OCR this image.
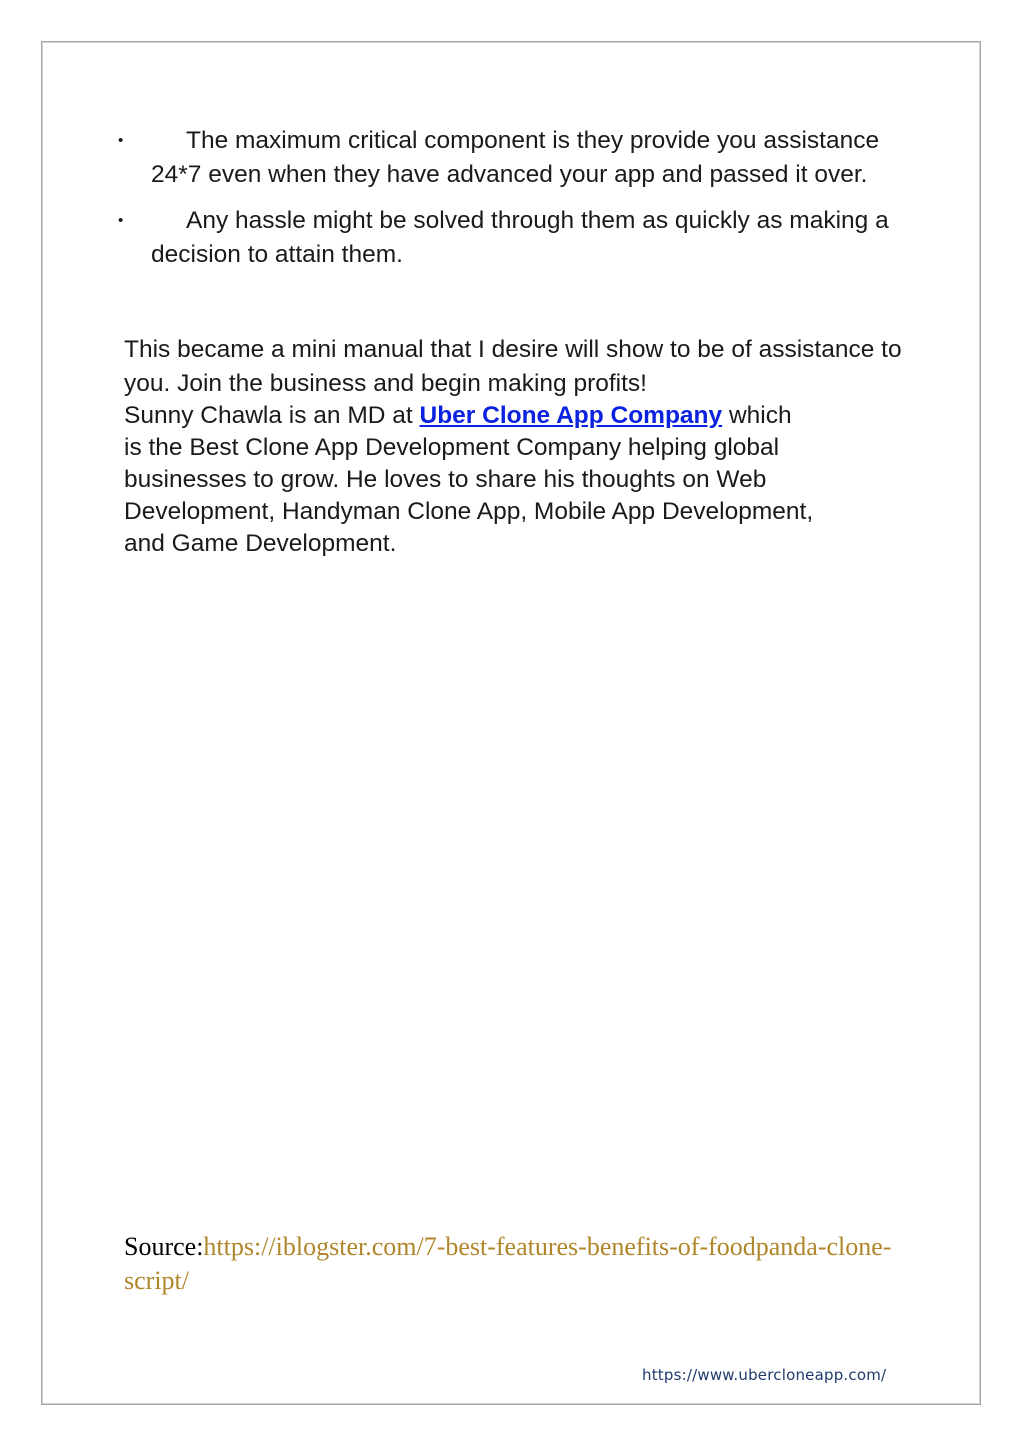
•	The maximum critical component is they provide you assistance 24*7 even when they have advanced your app and passed it over.
•	Any hassle might be solved through them as quickly as making a decision to attain them.

This became a mini manual that I desire will show to be of assistance to you. Join the business and begin making profits!

Sunny Chawla is an MD at Uber Clone App Company which
is the Best Clone App Development Company helping global
businesses to grow. He loves to share his thoughts on Web
Development, Handyman Clone App, Mobile App Development,
and Game Development.

Source:https://iblogster.com/7-best-features-benefits-of-foodpanda-clone-script/

https://www.ubercloneapp.com/
